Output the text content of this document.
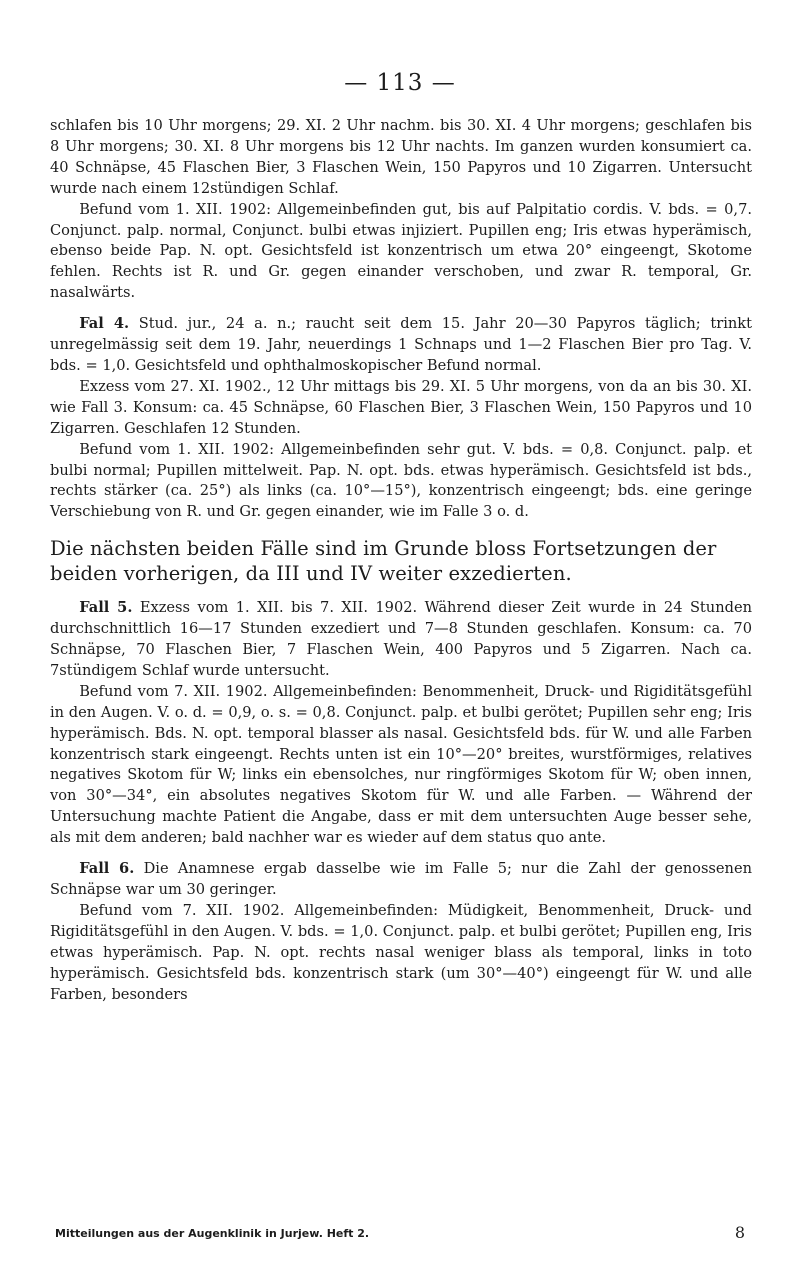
— 113 —

schlafen bis 10 Uhr morgens; 29. XI. 2 Uhr nachm. bis 30. XI. 4 Uhr morgens; geschlafen bis 8 Uhr morgens; 30. XI. 8 Uhr morgens bis 12 Uhr nachts. Im ganzen wurden konsumiert ca. 40 Schnäpse, 45 Flaschen Bier, 3 Flaschen Wein, 150 Papyros und 10 Zigarren. Untersucht wurde nach einem 12stündigen Schlaf.

Befund vom 1. XII. 1902: Allgemeinbefinden gut, bis auf Palpitatio cordis. V. bds. = 0,7. Conjunct. palp. normal, Conjunct. bulbi etwas injiziert. Pupillen eng; Iris etwas hyperämisch, ebenso beide Pap. N. opt. Gesichtsfeld ist konzentrisch um etwa 20° eingeengt, Skotome fehlen. Rechts ist R. und Gr. gegen einander verschoben, und zwar R. temporal, Gr. nasalwärts.

Fal 4. Stud. jur., 24 a. n.; raucht seit dem 15. Jahr 20—30 Papyros täglich; trinkt unregelmässig seit dem 19. Jahr, neuerdings 1 Schnaps und 1—2 Flaschen Bier pro Tag. V. bds. = 1,0. Gesichtsfeld und ophthalmoskopischer Befund normal.

Exzess vom 27. XI. 1902., 12 Uhr mittags bis 29. XI. 5 Uhr morgens, von da an bis 30. XI. wie Fall 3. Konsum: ca. 45 Schnäpse, 60 Flaschen Bier, 3 Flaschen Wein, 150 Papyros und 10 Zigarren. Geschlafen 12 Stunden.

Befund vom 1. XII. 1902: Allgemeinbefinden sehr gut. V. bds. = 0,8. Conjunct. palp. et bulbi normal; Pupillen mittelweit. Pap. N. opt. bds. etwas hyperämisch. Gesichtsfeld ist bds., rechts stärker (ca. 25°) als links (ca. 10°—15°), konzentrisch eingeengt; bds. eine geringe Verschiebung von R. und Gr. gegen einander, wie im Falle 3 o. d.

Die nächsten beiden Fälle sind im Grunde bloss Fortsetzungen der beiden vorherigen, da III und IV weiter exzedierten.

Fall 5. Exzess vom 1. XII. bis 7. XII. 1902. Während dieser Zeit wurde in 24 Stunden durchschnittlich 16—17 Stunden exzediert und 7—8 Stunden geschlafen. Konsum: ca. 70 Schnäpse, 70 Flaschen Bier, 7 Flaschen Wein, 400 Papyros und 5 Zigarren. Nach ca. 7stündigem Schlaf wurde untersucht.

Befund vom 7. XII. 1902. Allgemeinbefinden: Benommenheit, Druck- und Rigiditätsgefühl in den Augen. V. o. d. = 0,9, o. s. = 0,8. Conjunct. palp. et bulbi gerötet; Pupillen sehr eng; Iris hyperämisch. Bds. N. opt. temporal blasser als nasal. Gesichtsfeld bds. für W. und alle Farben konzentrisch stark eingeengt. Rechts unten ist ein 10°—20° breites, wurstförmiges, relatives negatives Skotom für W; links ein ebensolches, nur ringförmiges Skotom für W; oben innen, von 30°—34°, ein absolutes negatives Skotom für W. und alle Farben. — Während der Untersuchung machte Patient die Angabe, dass er mit dem untersuchten Auge besser sehe, als mit dem anderen; bald nachher war es wieder auf dem status quo ante.

Fall 6. Die Anamnese ergab dasselbe wie im Falle 5; nur die Zahl der genossenen Schnäpse war um 30 geringer.

Befund vom 7. XII. 1902. Allgemeinbefinden: Müdigkeit, Benommenheit, Druck- und Rigiditätsgefühl in den Augen. V. bds. = 1,0. Conjunct. palp. et bulbi gerötet; Pupillen eng, Iris etwas hyperämisch. Pap. N. opt. rechts nasal weniger blass als temporal, links in toto hyperämisch. Gesichtsfeld bds. konzentrisch stark (um 30°—40°) eingeengt für W. und alle Farben, besonders

Mitteilungen aus der Augenklinik in Jurjew. Heft 2.	8
